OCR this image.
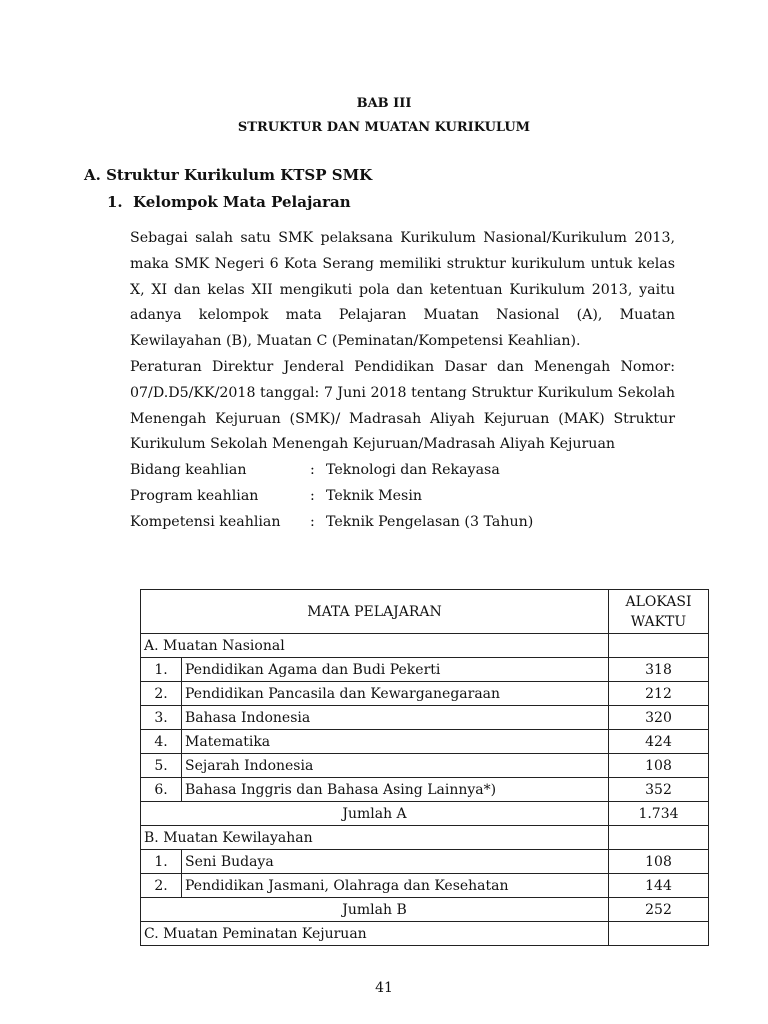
BAB III
STRUKTUR DAN MUATAN KURIKULUM
A. Struktur Kurikulum KTSP SMK
1. Kelompok Mata Pelajaran

Sebagai salah satu SMK pelaksana Kurikulum Nasional/Kurikulum 2013, maka SMK Negeri 6 Kota Serang memiliki struktur kurikulum untuk kelas X, XI dan kelas XII mengikuti pola dan ketentuan Kurikulum 2013, yaitu adanya kelompok mata Pelajaran Muatan Nasional (A), Muatan Kewilayahan (B), Muatan C (Peminatan/Kompetensi Keahlian).

Peraturan Direktur Jenderal Pendidikan Dasar dan Menengah Nomor: 07/D.D5/KK/2018 tanggal: 7 Juni 2018 tentang Struktur Kurikulum Sekolah Menengah Kejuruan (SMK)/ Madrasah Aliyah Kejuruan (MAK) Struktur Kurikulum Sekolah Menengah Kejuruan/Madrasah Aliyah Kejuruan

Bidang keahlian	: Teknologi dan Rekayasa
Program keahlian	: Teknik Mesin
Kompetensi keahlian	: Teknik Pengelasan (3 Tahun)
MATA PELAJARAN		ALOKASI WAKTU
A. Muatan Nasional		
1.	Pendidikan Agama dan Budi Pekerti	318
2.	Pendidikan Pancasila dan Kewarganegaraan	212
3.	Bahasa Indonesia	320
4.	Matematika	424
5.	Sejarah Indonesia	108
6.	Bahasa Inggris dan Bahasa Asing Lainnya*)	352
Jumlah A		1.734
B. Muatan Kewilayahan		
1.	Seni Budaya	108
2.	Pendidikan Jasmani, Olahraga dan Kesehatan	144
Jumlah B		252
C. Muatan Peminatan Kejuruan		
41
